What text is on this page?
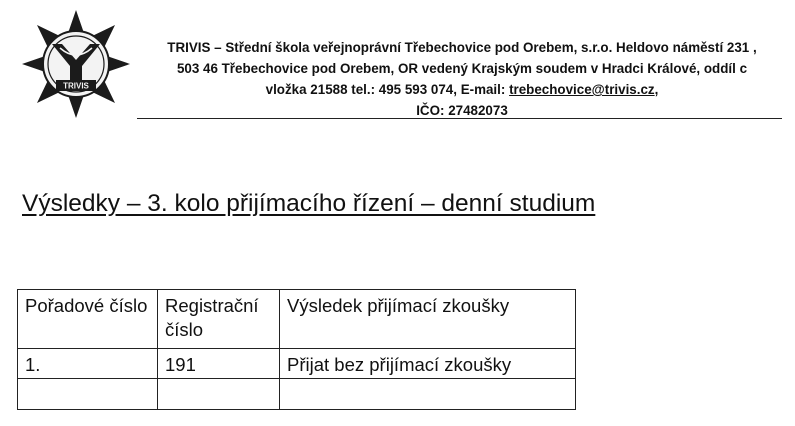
TRIVIS
TRIVIS – Střední škola veřejnoprávní Třebechovice pod Orebem, s.r.o. Heldovo náměstí 231 ,
503 46 Třebechovice pod Orebem, OR vedený Krajským soudem v Hradci Králové, oddíl c
vložka 21588 tel.: 495 593 074, E-mail: trebechovice@trivis.cz,
IČO: 27482073
Výsledky – 3. kolo přijímacího řízení – denní studium
Pořadové číslo	Registrační číslo	Výsledek přijímací zkoušky
1.	191	Přijat bez přijímací zkoušky
